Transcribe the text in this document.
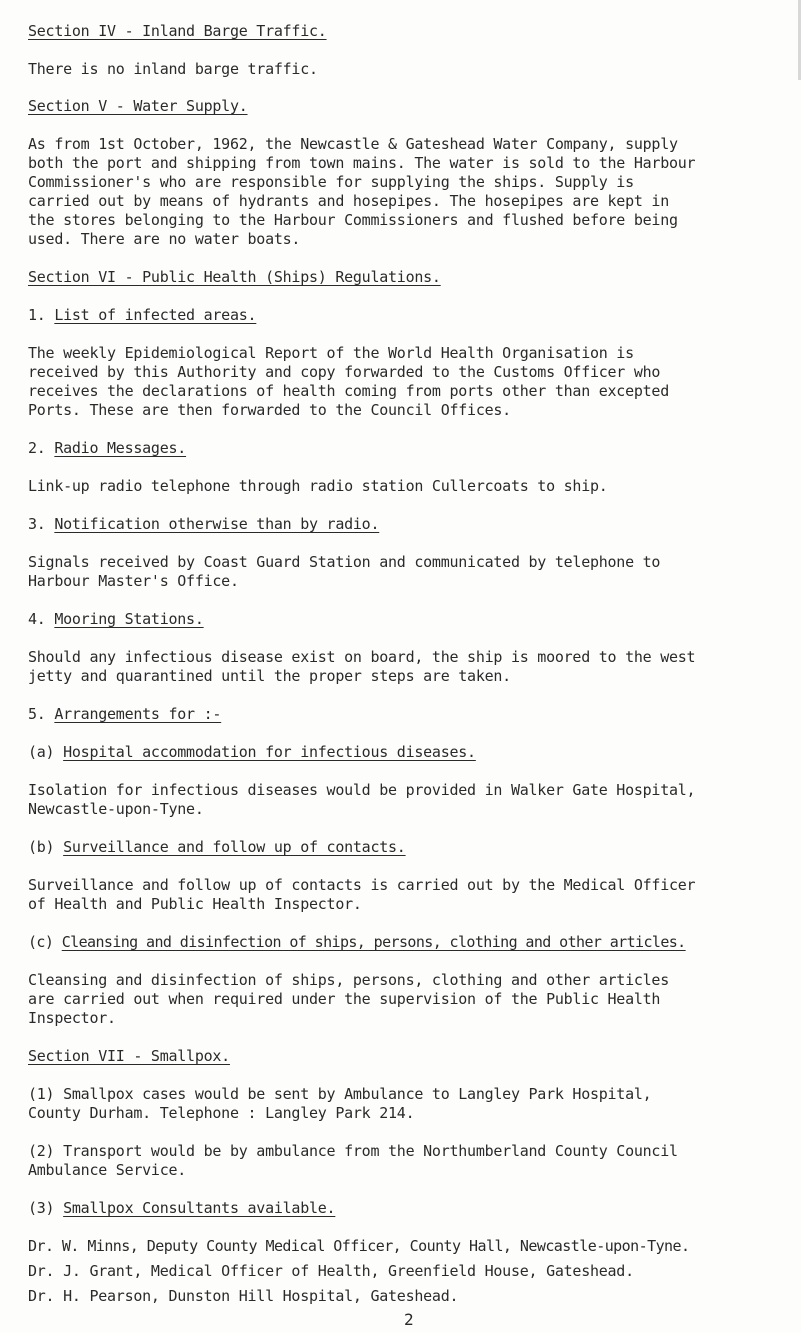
Section IV - Inland Barge Traffic.
There is no inland barge traffic.
Section V - Water Supply.
As from 1st October, 1962, the Newcastle & Gateshead Water Company, supply
both the port and shipping from town mains. The water is sold to the Harbour
Commissioner's who are responsible for supplying the ships. Supply is
carried out by means of hydrants and hosepipes. The hosepipes are kept in
the stores belonging to the Harbour Commissioners and flushed before being
used. There are no water boats.
Section VI - Public Health (Ships) Regulations.
1. List of infected areas.
The weekly Epidemiological Report of the World Health Organisation is
received by this Authority and copy forwarded to the Customs Officer who
receives the declarations of health coming from ports other than excepted
Ports. These are then forwarded to the Council Offices.
2. Radio Messages.
Link-up radio telephone through radio station Cullercoats to ship.
3. Notification otherwise than by radio.
Signals received by Coast Guard Station and communicated by telephone to
Harbour Master's Office.
4. Mooring Stations.
Should any infectious disease exist on board, the ship is moored to the west
jetty and quarantined until the proper steps are taken.
5. Arrangements for :-
(a) Hospital accommodation for infectious diseases.
Isolation for infectious diseases would be provided in Walker Gate Hospital,
Newcastle-upon-Tyne.
(b) Surveillance and follow up of contacts.
Surveillance and follow up of contacts is carried out by the Medical Officer
of Health and Public Health Inspector.
(c) Cleansing and disinfection of ships, persons, clothing and other articles.
Cleansing and disinfection of ships, persons, clothing and other articles
are carried out when required under the supervision of the Public Health
Inspector.
Section VII - Smallpox.
(1) Smallpox cases would be sent by Ambulance to Langley Park Hospital,
County Durham. Telephone : Langley Park 214.
(2) Transport would be by ambulance from the Northumberland County Council
Ambulance Service.
(3) Smallpox Consultants available.
Dr. W. Minns, Deputy County Medical Officer, County Hall, Newcastle-upon-Tyne.
Dr. J. Grant, Medical Officer of Health, Greenfield House, Gateshead.
Dr. H. Pearson, Dunston Hill Hospital, Gateshead.
2
